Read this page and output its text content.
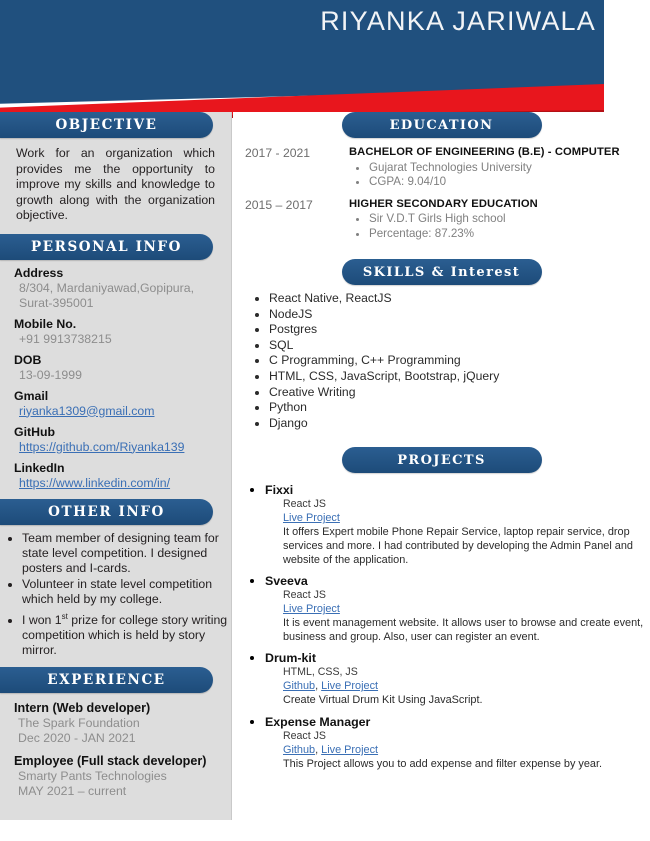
RIYANKA JARIWALA
OBJECTIVE
Work for an organization which provides me the opportunity to improve my skills and knowledge to growth along with the organization objective.
PERSONAL INFO
Address
8/304, Mardaniyawad,Gopipura, Surat-395001
Mobile No.
+91 9913738215
DOB
13-09-1999
Gmail
riyanka1309@gmail.com
GitHub
https://github.com/Riyanka139
LinkedIn
https://www.linkedin.com/in/
OTHER INFO
• Team member of designing team for state level competition. I designed posters and I-cards.
• Volunteer in state level competition which held by my college.
• I won 1st prize for college story writing competition which is held by story mirror.
EXPERIENCE
Intern (Web developer)
The Spark Foundation
Dec 2020 - JAN 2021
Employee (Full stack developer)
Smarty Pants Technologies
MAY 2021 – current
EDUCATION
2017 - 2021	BACHELOR OF ENGINEERING (B.E) - COMPUTER
• Gujarat Technologies University
• CGPA: 9.04/10
2015 – 2017	HIGHER SECONDARY EDUCATION
• Sir V.D.T Girls High school
• Percentage: 87.23%
SKILLS & Interest
• React Native, ReactJS
• NodeJS
• Postgres
• SQL
• C Programming, C++ Programming
• HTML, CSS, JavaScript, Bootstrap, jQuery
• Creative Writing
• Python
• Django
PROJECTS
• Fixxi
React JS
Live Project
It offers Expert mobile Phone Repair Service, laptop repair service, drop services and more. I had contributed by developing the Admin Panel and website of the application.
• Sveeva
React JS
Live Project
It is event management website. It allows user to browse and create event, business and group. Also, user can register an event.
• Drum-kit
HTML, CSS, JS
Github, Live Project
Create Virtual Drum Kit Using JavaScript.
• Expense Manager
React JS
Github, Live Project
This Project allows you to add expense and filter expense by year.
